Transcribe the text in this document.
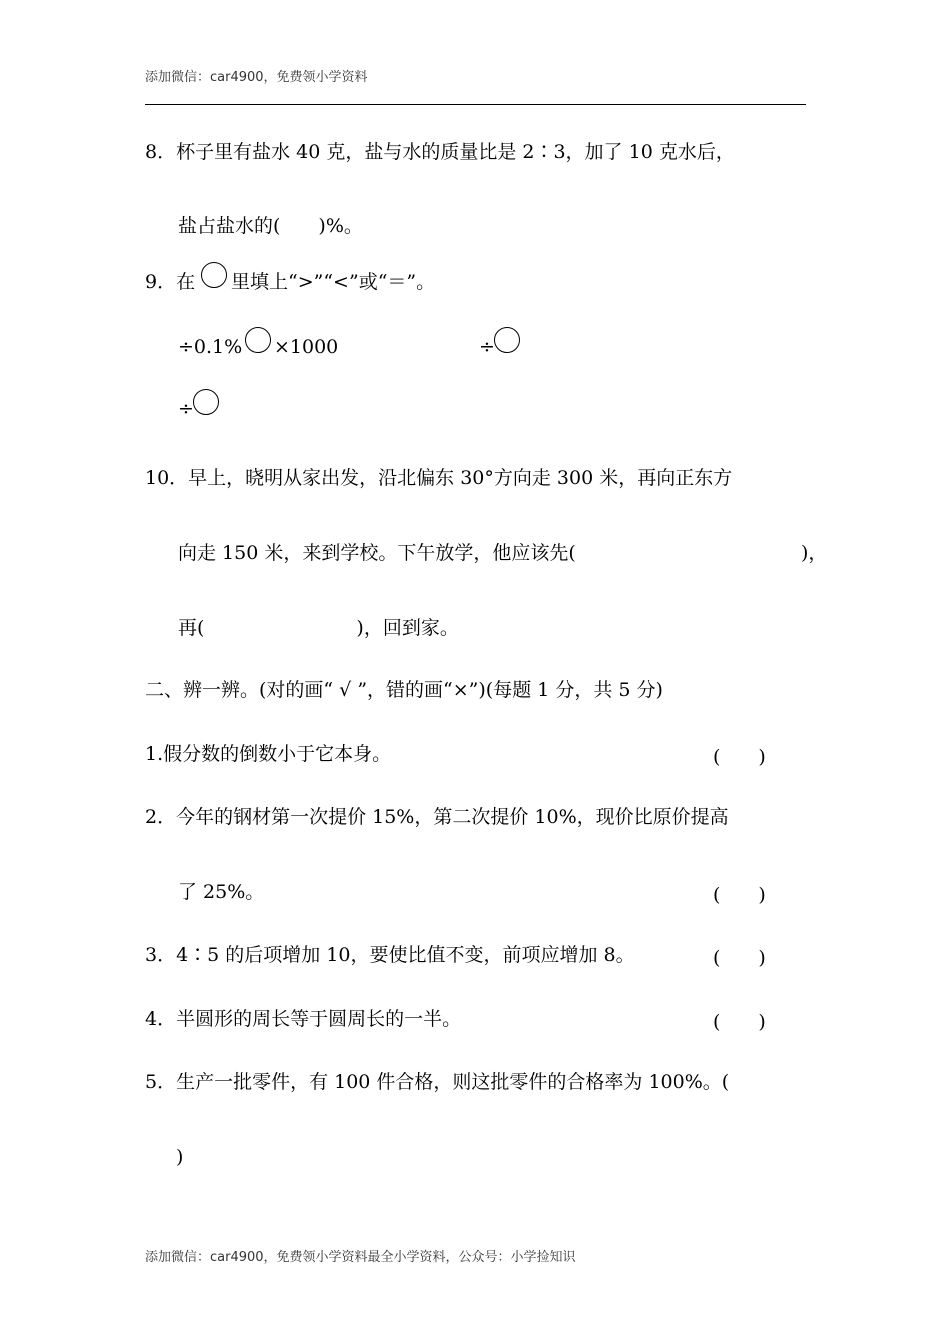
添加微信：car4900，免费领小学资料
8．杯子里有盐水 40 克，盐与水的质量比是 2∶3，加了 10 克水后，
盐占盐水的(　　)%。
9．在 里填上“>”“<”或“＝”。
÷0.1% ×1000	÷
÷
10．早上，晓明从家出发，沿北偏东 30°方向走 300 米，再向正东方
向走 150 米，来到学校。下午放学，他应该先(	)，
再(　　　　　　　　)，回到家。
二、辨一辨。(对的画“ √ ”，错的画“×”)(每题 1 分，共 5 分)
1.假分数的倒数小于它本身。	(　　)
2．今年的钢材第一次提价 15%，第二次提价 10%，现价比原价提高
了 25%。	(　　)
3．4∶5 的后项增加 10，要使比值不变，前项应增加 8。	(　　)
4．半圆形的周长等于圆周长的一半。	(　　)
5．生产一批零件，有 100 件合格，则这批零件的合格率为 100%。(
)
添加微信：car4900，免费领小学资料最全小学资料，公众号：小学捡知识
